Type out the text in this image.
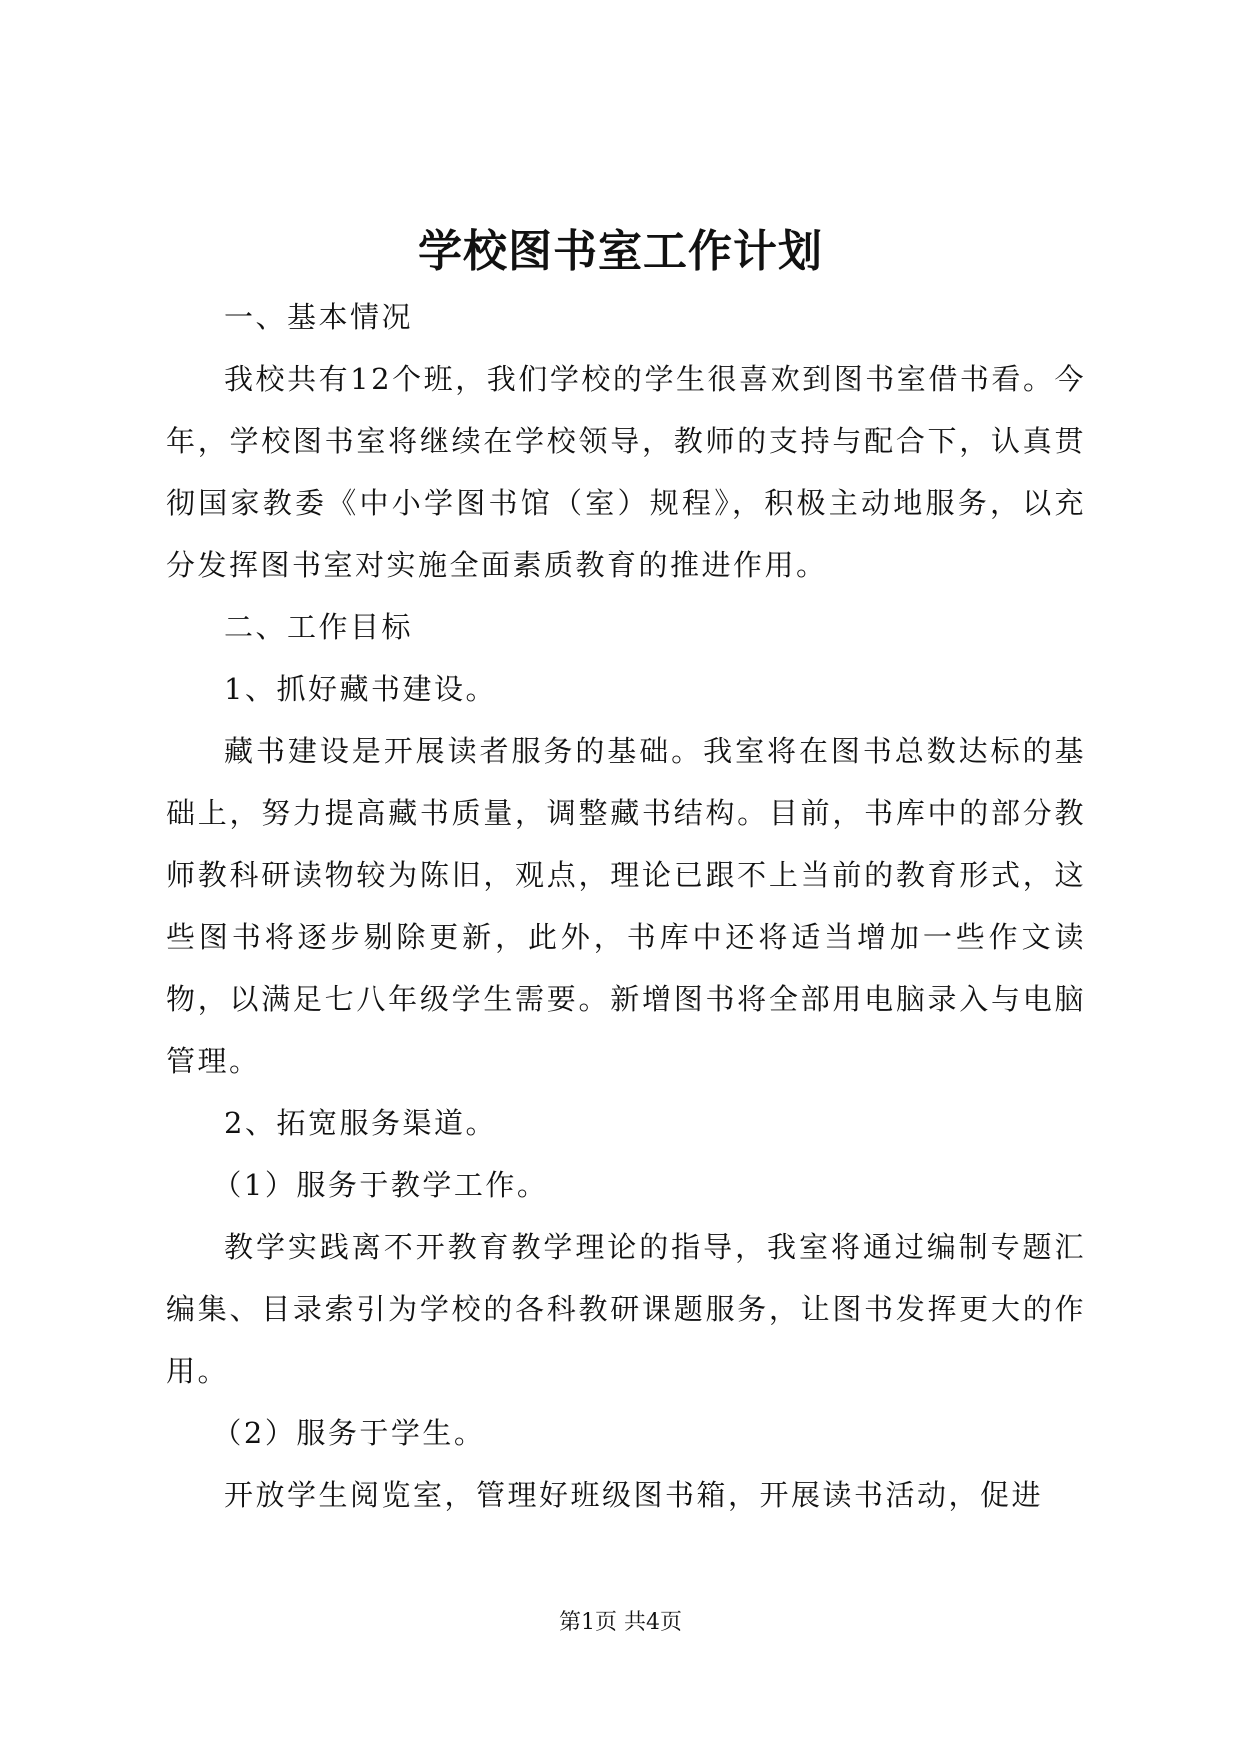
学校图书室工作计划

一、基本情况

我校共有12个班，我们学校的学生很喜欢到图书室借书看。今年，学校图书室将继续在学校领导，教师的支持与配合下，认真贯彻国家教委《中小学图书馆（室）规程》，积极主动地服务，以充分发挥图书室对实施全面素质教育的推进作用。

二、工作目标

1、抓好藏书建设。

藏书建设是开展读者服务的基础。我室将在图书总数达标的基础上，努力提高藏书质量，调整藏书结构。目前，书库中的部分教师教科研读物较为陈旧，观点，理论已跟不上当前的教育形式，这些图书将逐步剔除更新，此外，书库中还将适当增加一些作文读物，以满足七八年级学生需要。新增图书将全部用电脑录入与电脑管理。

2、拓宽服务渠道。

（1）服务于教学工作。

教学实践离不开教育教学理论的指导，我室将通过编制专题汇编集、目录索引为学校的各科教研课题服务，让图书发挥更大的作用。

（2）服务于学生。

开放学生阅览室，管理好班级图书箱，开展读书活动，促进

第1页 共4页
